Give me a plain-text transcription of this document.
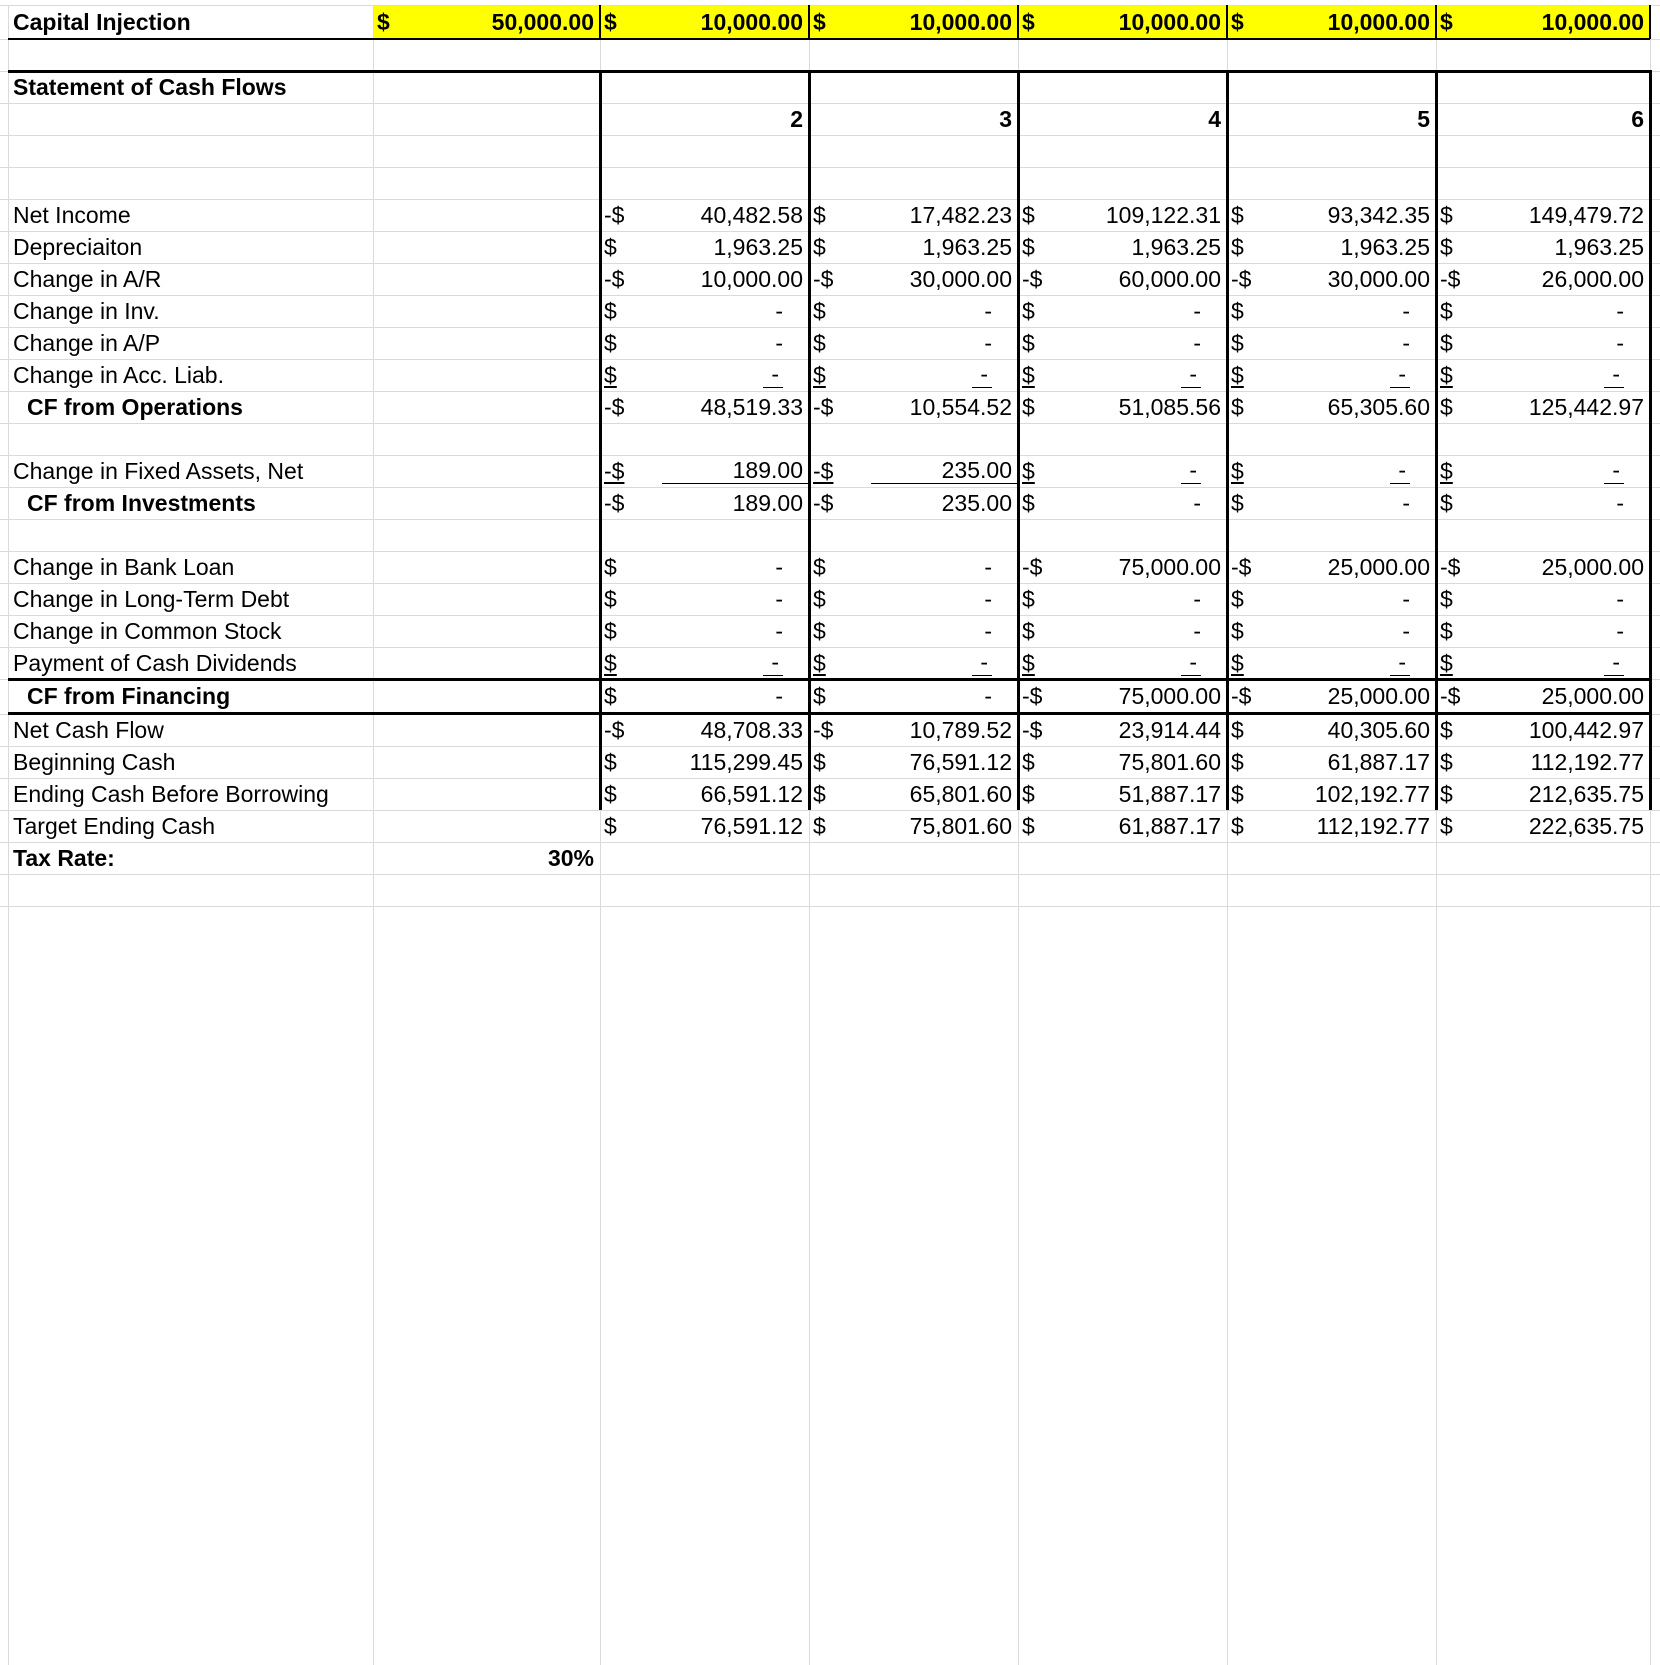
Capital Injection	$	50,000.00 $	10,000.00 $	10,000.00 $	10,000.00 $	10,000.00 $	10,000.00
Statement of Cash Flows
2	3	4	5	6
Net Income	-$	40,482.58 $	17,482.23 $	109,122.31 $	93,342.35 $	149,479.72
Depreciaiton	$	1,963.25 $	1,963.25 $	1,963.25 $	1,963.25 $	1,963.25
Change in A/R	-$	10,000.00 -$	30,000.00 -$	60,000.00 -$	30,000.00 -$	26,000.00
Change in Inv.	$	-	$	-	$	-	$	-	$	-
Change in A/P	$	-	$	-	$	-	$	-	$	-
Change in Acc. Liab.	$	- $	- $	- $	- $	-
CF from Operations	-$	48,519.33 -$	10,554.52 $	51,085.56 $	65,305.60 $	125,442.97
Change in Fixed Assets, Net	-$	189.00 -$	235.00 $	- $	- $	-
CF from Investments	-$	189.00 -$	235.00 $	-	$	-	$	-
Change in Bank Loan	$	-	$	-	-$	75,000.00 -$	25,000.00 -$	25,000.00
Change in Long-Term Debt	$	-	$	-	$	-	$	-	$	-
Change in Common Stock	$	-	$	-	$	-	$	-	$	-
Payment of Cash Dividends	$	- $	- $	- $	- $	-
CF from Financing	$	-	$	-	-$	75,000.00 -$	25,000.00 -$	25,000.00
Net Cash Flow	-$	48,708.33 -$	10,789.52 -$	23,914.44 $	40,305.60 $	100,442.97
Beginning Cash	$	115,299.45 $	76,591.12 $	75,801.60 $	61,887.17 $	112,192.77
Ending Cash Before Borrowing	$	66,591.12 $	65,801.60 $	51,887.17 $	102,192.77 $	212,635.75
Target Ending Cash	$	76,591.12 $	75,801.60 $	61,887.17 $	112,192.77 $	222,635.75
Tax Rate:	30%
